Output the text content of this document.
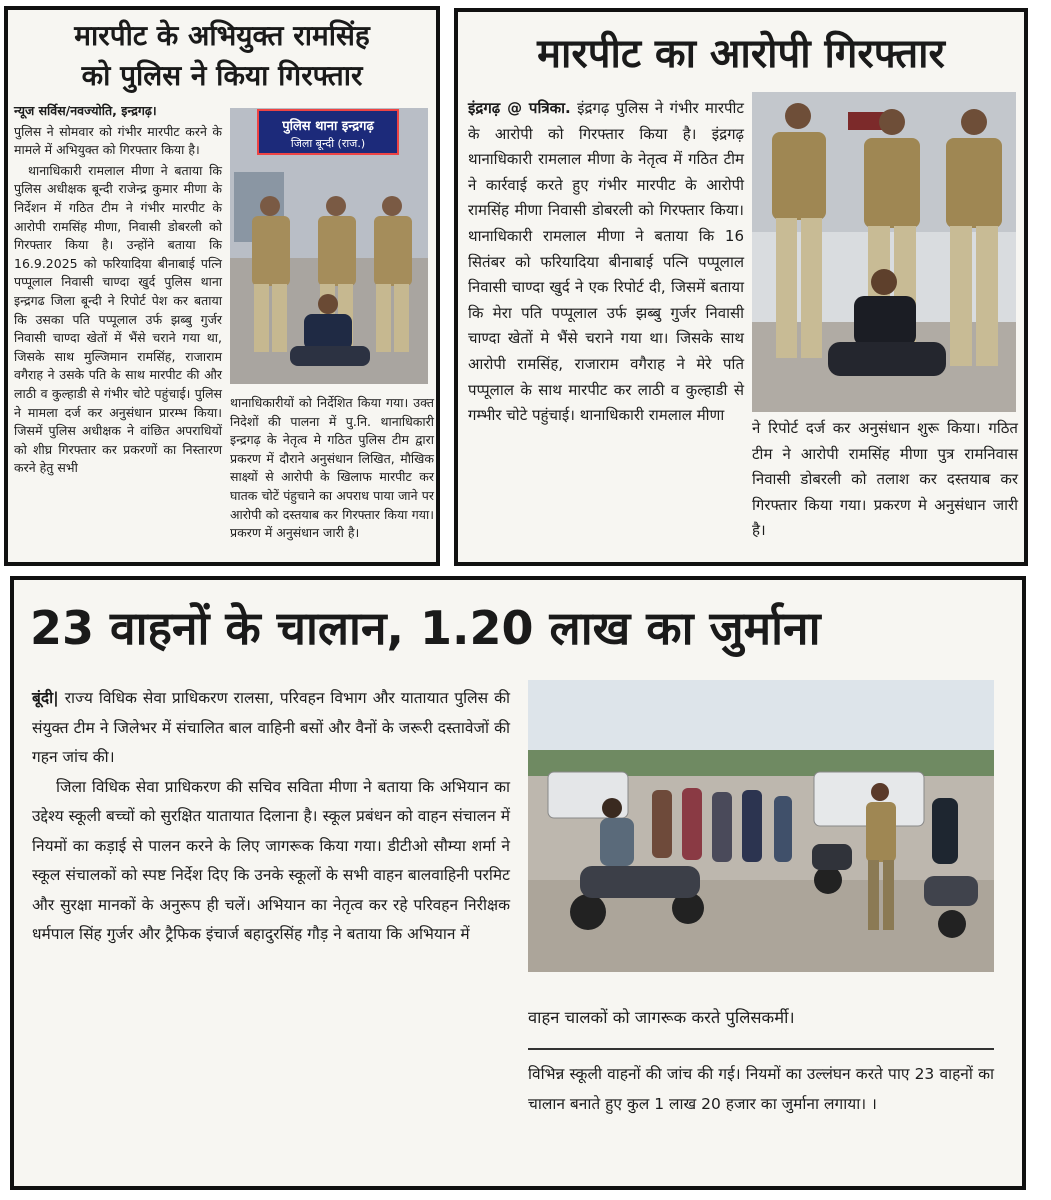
मारपीट के अभियुक्त रामसिंह
को पुलिस ने किया गिरफ्तार

न्यूज सर्विस/नवज्योति, इन्द्रगढ़।

पुलिस ने सोमवार को गंभीर मारपीट करने के मामले में अभियुक्त को गिरफ्तार किया है।

थानाधिकारी रामलाल मीणा ने बताया कि पुलिस अधीक्षक बून्दी राजेन्द्र कुमार मीणा के निर्देशन में गठित टीम ने गंभीर मारपीट के आरोपी रामसिंह मीणा, निवासी डोबरली को गिरफ्तार किया है। उन्होंने बताया कि 16.9.2025 को फरियादिया बीनाबाई पत्नि पप्पूलाल निवासी चाण्दा खुर्द पुलिस थाना इन्द्रगढ जिला बून्दी ने रिपोर्ट पेश कर बताया कि उसका पति पप्पूलाल उर्फ झब्बु गुर्जर निवासी चाण्दा खेतों में भैंसे चराने गया था, जिसके साथ मुल्जिमान रामसिंह, राजाराम वगैराह ने उसके पति के साथ मारपीट की और लाठी व कुल्हाडी से गंभीर चोटे पहुंचाई। पुलिस ने मामला दर्ज कर अनुसंधान प्रारम्भ किया। जिसमें पुलिस अधीक्षक ने वांछित अपराधियों को शीघ्र गिरफ्तार कर प्रकरणों का निस्तारण करने हेतु सभी

पुलिस थाना इन्द्रगढ़
जिला बून्दी (राज.)

थानाधिकारीयों को निर्देशित किया गया। उक्त निदेशों की पालना में पु.नि. थानाधिकारी इन्द्रगढ़ के नेतृत्व मे गठित पुलिस टीम द्वारा प्रकरण में दौराने अनुसंधान लिखित, मौखिक साक्ष्यों से आरोपी के खिलाफ मारपीट कर घातक चोटें पंहुचाने का अपराध पाया जाने पर आरोपी को दस्तयाब कर गिरफ्तार किया गया।प्रकरण में अनुसंधान जारी है।

मारपीट का आरोपी गिरफ्तार

इंद्रगढ़ @ पत्रिका. इंद्रगढ़ पुलिस ने गंभीर मारपीट के आरोपी को गिरफ्तार किया है। इंद्रगढ़ थानाधिकारी रामलाल मीणा के नेतृत्व में गठित टीम ने कार्रवाई करते हुए गंभीर मारपीट के आरोपी रामसिंह मीणा निवासी डोबरली को गिरफ्तार किया। थानाधिकारी रामलाल मीणा ने बताया कि 16 सितंबर को फरियादिया बीनाबाई पत्नि पप्पूलाल निवासी चाण्दा खुर्द ने एक रिपोर्ट दी, जिसमें बताया कि मेरा पति पप्पूलाल उर्फ झब्बु गुर्जर निवासी चाण्दा खेतों मे भैंसे चराने गया था। जिसके साथ आरोपी रामसिंह, राजाराम वगैराह ने मेरे पति पप्पूलाल के साथ मारपीट कर लाठी व कुल्हाडी से गम्भीर चोटे पहुंचाई। थानाधिकारी रामलाल मीणा

ने रिपोर्ट दर्ज कर अनुसंधान शुरू किया। गठित टीम ने आरोपी रामसिंह मीणा पुत्र रामनिवास निवासी डोबरली को तलाश कर दस्तयाब कर गिरफ्तार किया गया। प्रकरण मे अनुसंधान जारी है।

23 वाहनों के चालान, 1.20 लाख का जुर्माना

बूंदी| राज्य विधिक सेवा प्राधिकरण रालसा, परिवहन विभाग और यातायात पुलिस की संयुक्त टीम ने जिलेभर में संचालित बाल वाहिनी बसों और वैनों के जरूरी दस्तावेजों की गहन जांच की।

जिला विधिक सेवा प्राधिकरण की सचिव सविता मीणा ने बताया कि अभियान का उद्देश्य स्कूली बच्चों को सुरक्षित यातायात दिलाना है। स्कूल प्रबंधन को वाहन संचालन में नियमों का कड़ाई से पालन करने के लिए जागरूक किया गया। डीटीओ सौम्या शर्मा ने स्कूल संचालकों को स्पष्ट निर्देश दिए कि उनके स्कूलों के सभी वाहन बालवाहिनी परमिट और सुरक्षा मानकों के अनुरूप ही चलें। अभियान का नेतृत्व कर रहे परिवहन निरीक्षक धर्मपाल सिंह गुर्जर और ट्रैफिक इंचार्ज बहादुरसिंह गौड़ ने बताया कि अभियान में

वाहन चालकों को जागरूक करते पुलिसकर्मी।

विभिन्न स्कूली वाहनों की जांच की गई। नियमों का उल्लंघन करते पाए 23 वाहनों का चालान बनाते हुए कुल 1 लाख 20 हजार का जुर्माना लगाया। ।
